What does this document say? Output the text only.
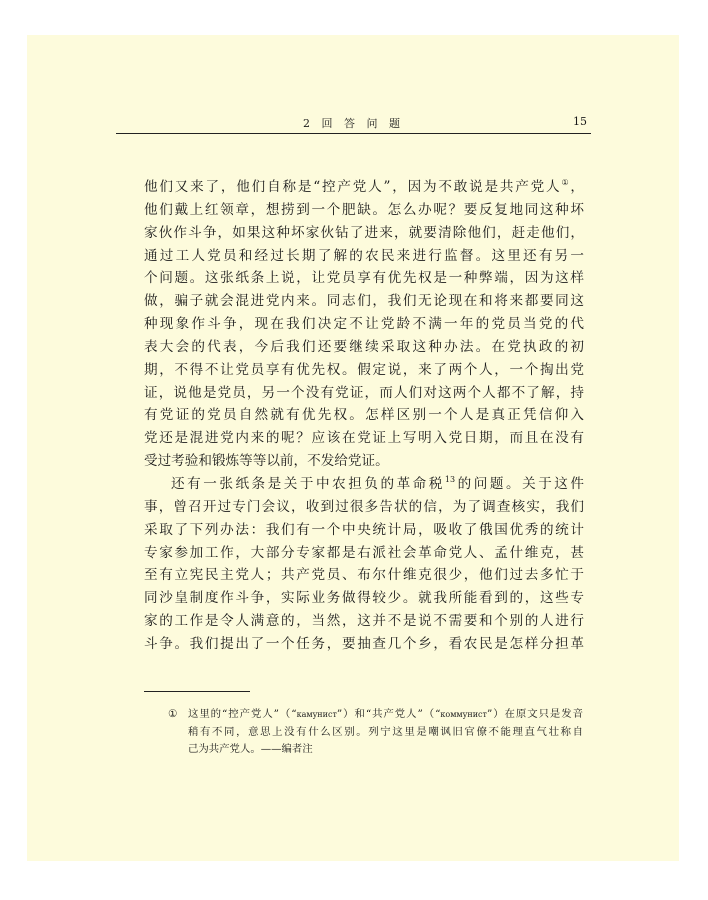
2 回 答 问 题	15
他们又来了，他们自称是“控产党人”，因为不敢说是共产党人①，
他们戴上红领章，想捞到一个肥缺。怎么办呢？要反复地同这种坏
家伙作斗争，如果这种坏家伙钻了进来，就要清除他们，赶走他们，
通过工人党员和经过长期了解的农民来进行监督。这里还有另一
个问题。这张纸条上说，让党员享有优先权是一种弊端，因为这样
做，骗子就会混进党内来。同志们，我们无论现在和将来都要同这
种现象作斗争，现在我们决定不让党龄不满一年的党员当党的代
表大会的代表，今后我们还要继续采取这种办法。在党执政的初
期，不得不让党员享有优先权。假定说，来了两个人，一个掏出党
证，说他是党员，另一个没有党证，而人们对这两个人都不了解，持
有党证的党员自然就有优先权。怎样区别一个人是真正凭信仰入
党还是混进党内来的呢？应该在党证上写明入党日期，而且在没有
受过考验和锻炼等等以前，不发给党证。
还有一张纸条是关于中农担负的革命税$^{13}$的问题。关于这件
事，曾召开过专门会议，收到过很多告状的信，为了调查核实，我们
采取了下列办法：我们有一个中央统计局，吸收了俄国优秀的统计
专家参加工作，大部分专家都是右派社会革命党人、孟什维克，甚
至有立宪民主党人；共产党员、布尔什维克很少，他们过去多忙于
同沙皇制度作斗争，实际业务做得较少。就我所能看到的，这些专
家的工作是令人满意的，当然，这并不是说不需要和个别的人进行
斗争。我们提出了一个任务，要抽查几个乡，看农民是怎样分担革
① 这里的“控产党人”（“камунист”）和“共产党人”（“коммунист”）在原文只是发音
稍有不同，意思上没有什么区别。列宁这里是嘲讽旧官僚不能理直气壮称自
己为共产党人。——编者注
